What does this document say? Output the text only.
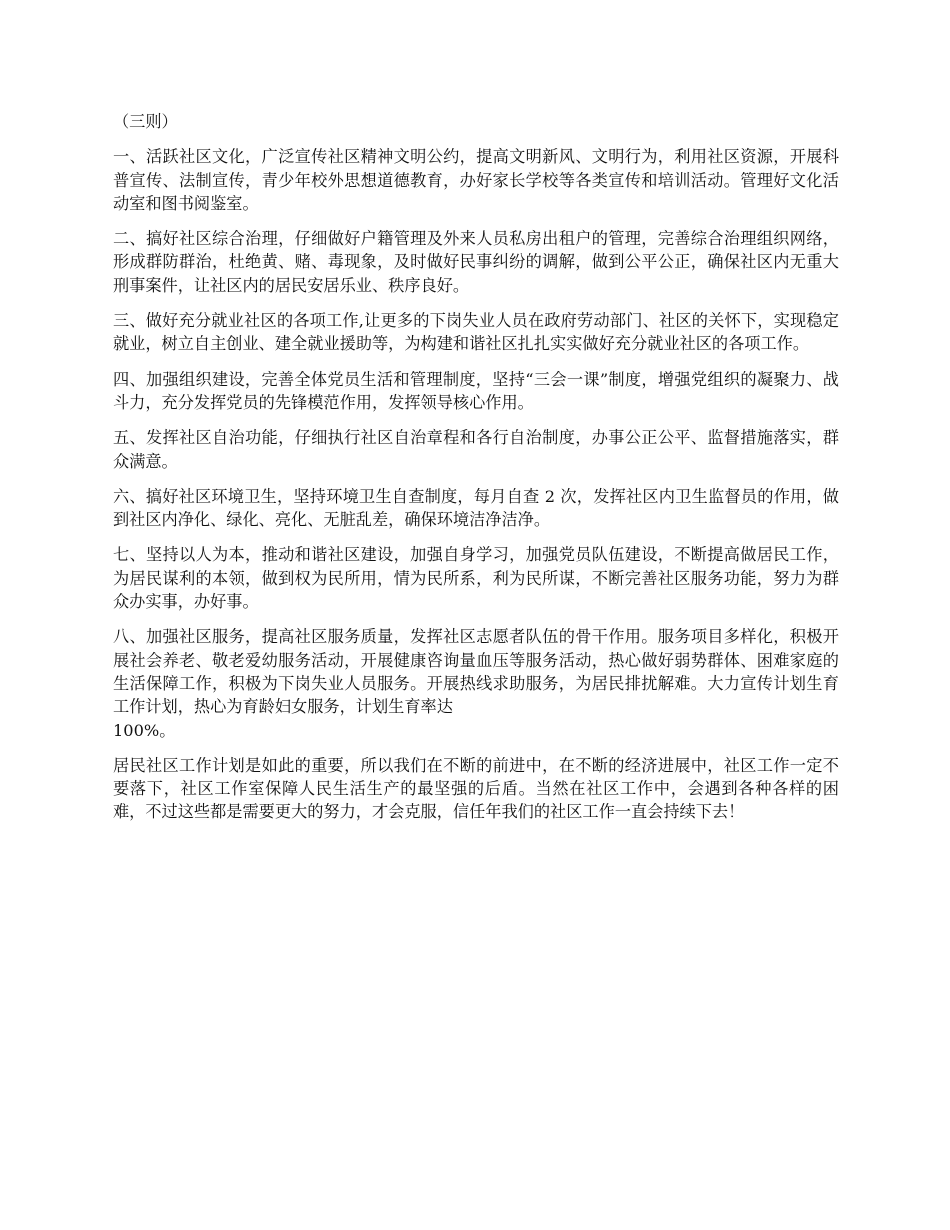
（三则）

一、活跃社区文化，广泛宣传社区精神文明公约，提高文明新风、文明行为，利用社区资源，开展科普宣传、法制宣传，青少年校外思想道德教育，办好家长学校等各类宣传和培训活动。管理好文化活动室和图书阅鉴室。

二、搞好社区综合治理，仔细做好户籍管理及外来人员私房出租户的管理，完善综合治理组织网络，形成群防群治，杜绝黄、赌、毒现象，及时做好民事纠纷的调解，做到公平公正，确保社区内无重大刑事案件，让社区内的居民安居乐业、秩序良好。

三、做好充分就业社区的各项工作,让更多的下岗失业人员在政府劳动部门、社区的关怀下，实现稳定就业，树立自主创业、建全就业援助等，为构建和谐社区扎扎实实做好充分就业社区的各项工作。

四、加强组织建设，完善全体党员生活和管理制度，坚持“三会一课”制度，增强党组织的凝聚力、战斗力，充分发挥党员的先锋模范作用，发挥领导核心作用。

五、发挥社区自治功能，仔细执行社区自治章程和各行自治制度，办事公正公平、监督措施落实，群众满意。

六、搞好社区环境卫生，坚持环境卫生自查制度，每月自查 2 次，发挥社区内卫生监督员的作用，做到社区内净化、绿化、亮化、无脏乱差，确保环境洁净洁净。

七、坚持以人为本，推动和谐社区建设，加强自身学习，加强党员队伍建设，不断提高做居民工作，为居民谋利的本领，做到权为民所用，情为民所系，利为民所谋，不断完善社区服务功能，努力为群众办实事，办好事。

八、加强社区服务，提高社区服务质量，发挥社区志愿者队伍的骨干作用。服务项目多样化，积极开展社会养老、敬老爱幼服务活动，开展健康咨询量血压等服务活动，热心做好弱势群体、困难家庭的生活保障工作，积极为下岗失业人员服务。开展热线求助服务，为居民排扰解难。大力宣传计划生育工作计划，热心为育龄妇女服务，计划生育率达
100%。

居民社区工作计划是如此的重要，所以我们在不断的前进中，在不断的经济进展中，社区工作一定不要落下，社区工作室保障人民生活生产的最坚强的后盾。当然在社区工作中，会遇到各种各样的困难，不过这些都是需要更大的努力，才会克服，信任年我们的社区工作一直会持续下去！
